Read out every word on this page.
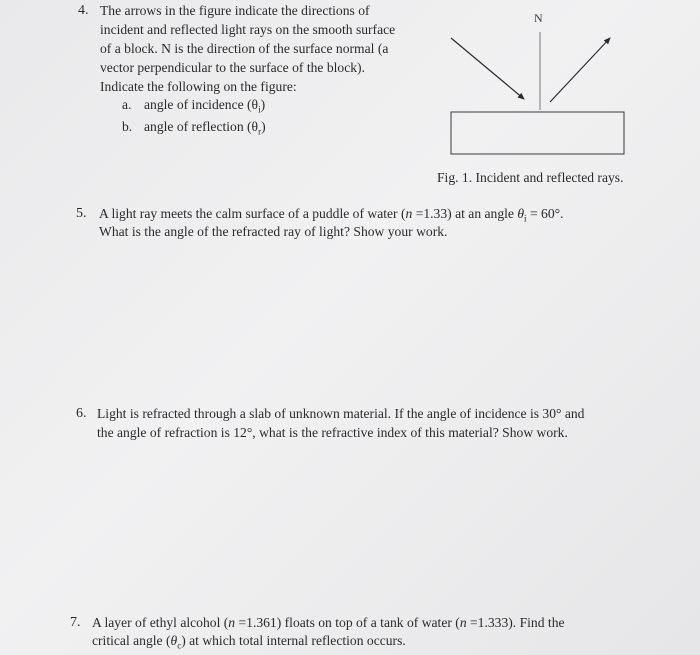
4. The arrows in the figure indicate the directions of
incident and reflected light rays on the smooth surface
of a block. N is the direction of the surface normal (a
vector perpendicular to the surface of the block).
Indicate the following on the figure:
a. angle of incidence $(\theta_i)$
b. angle of reflection $(\theta_r)$
N
Fig. 1. Incident and reflected rays.
5. A light ray meets the calm surface of a puddle of water (n =1.33) at an angle $\theta_i = 60^\circ$.
What is the angle of the refracted ray of light? Show your work.
6. Light is refracted through a slab of unknown material. If the angle of incidence is 30° and
the angle of refraction is 12°, what is the refractive index of this material? Show work.
7. A layer of ethyl alcohol (n =1.361) floats on top of a tank of water (n =1.333). Find the
critical angle $(\theta_c)$ at which total internal reflection occurs.
